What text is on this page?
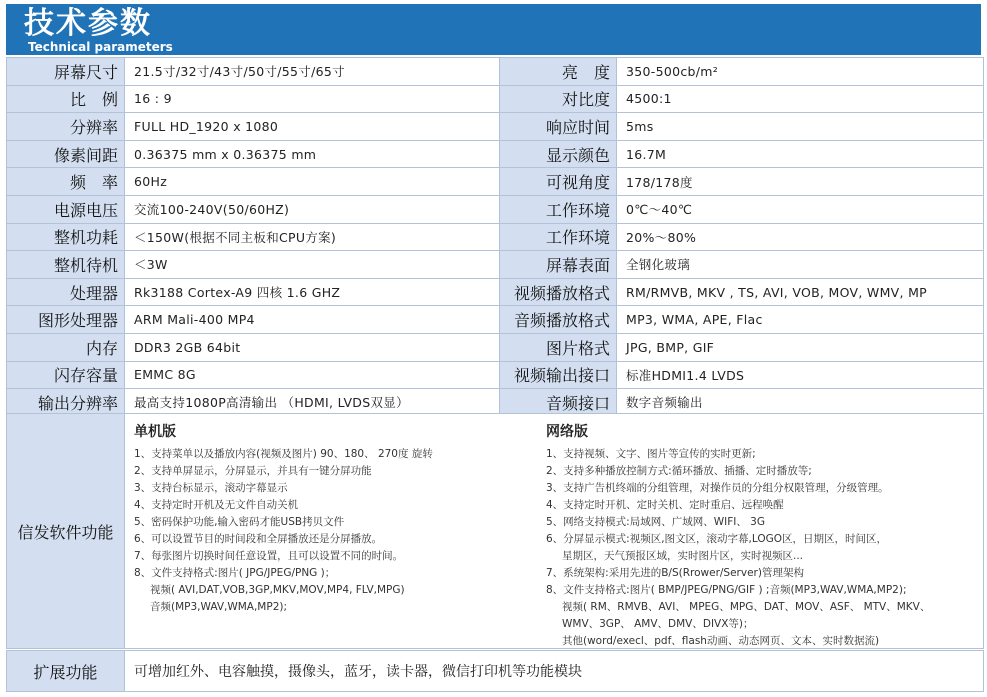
技术参数
Technical parameters
屏幕尺寸	21.5寸/32寸/43寸/50寸/55寸/65寸	亮　度	350-500cb/m²
比　例	16 : 9	对比度	4500:1
分辨率	FULL HD_1920 x 1080	响应时间	5ms
像素间距	0.36375 mm x 0.36375 mm	显示颜色	16.7M
频　率	60Hz	可视角度	178/178度
电源电压	交流100-240V(50/60HZ)	工作环境	0℃～40℃
整机功耗	＜150W(根据不同主板和CPU方案)	工作环境	20%～80%
整机待机	＜3W	屏幕表面	全钢化玻璃
处理器	Rk3188 Cortex-A9 四核 1.6 GHZ	视频播放格式	RM/RMVB, MKV , TS, AVI, VOB, MOV, WMV, MP
图形处理器	ARM Mali-400 MP4	音频播放格式	MP3, WMA, APE, Flac
内存	DDR3 2GB 64bit	图片格式	JPG, BMP, GIF
闪存容量	EMMC 8G	视频输出接口	标准HDMI1.4 LVDS
输出分辨率	最高支持1080P高清输出 （HDMI, LVDS双显）	音频接口	数字音频输出
信发软件功能	
单机版
1、支持菜单以及播放内容(视频及图片) 90、180、 270度 旋转
2、支持单屏显示，分屏显示，并具有一键分屏功能
3、支持台标显示，滚动字幕显示
4、支持定时开机及无文件自动关机
5、密码保护功能,输入密码才能USB拷贝文件
6、可以设置节目的时间段和全屏播放还是分屏播放。
7、每张图片切换时间任意设置，且可以设置不同的时间。
8、文件支持格式:图片( JPG/JPEG/PNG )；
视频( AVI,DAT,VOB,3GP,MKV,MOV,MP4, FLV,MPG)
音频(MP3,WAV,WMA,MP2);
网络版
1、支持视频、文字、图片等宣传的实时更新;
2、支持多种播放控制方式:循环播放、插播、定时播放等;
3、支持广告机终端的分组管理，对操作员的分组分权限管理，分级管理。
4、支持定时开机、定时关机、定时重启、远程唤醒
5、网络支持模式:局域网、广域网、WIFI、 3G
6、分屏显示模式:视频区,图文区，滚动字幕,LOGO区，日期区，时间区，
星期区，天气预报区域，实时图片区，实时视频区...
7、系统架构:采用先进的B/S(Rrower/Server)管理架构
8、文件支持格式:图片( BMP/JPEG/PNG/GIF ) ;音频(MP3,WAV,WMA,MP2);
视频( RM、RMVB、AVI、 MPEG、MPG、DAT、MOV、ASF、 MTV、MKV、
WMV、3GP、 AMV、DMV、DIVX等)；
其他(word/execl、pdf、flash动画、动态网页、文本、实时数据流)
扩展功能	可增加红外、电容触摸，摄像头，蓝牙，读卡器，微信打印机等功能模块
